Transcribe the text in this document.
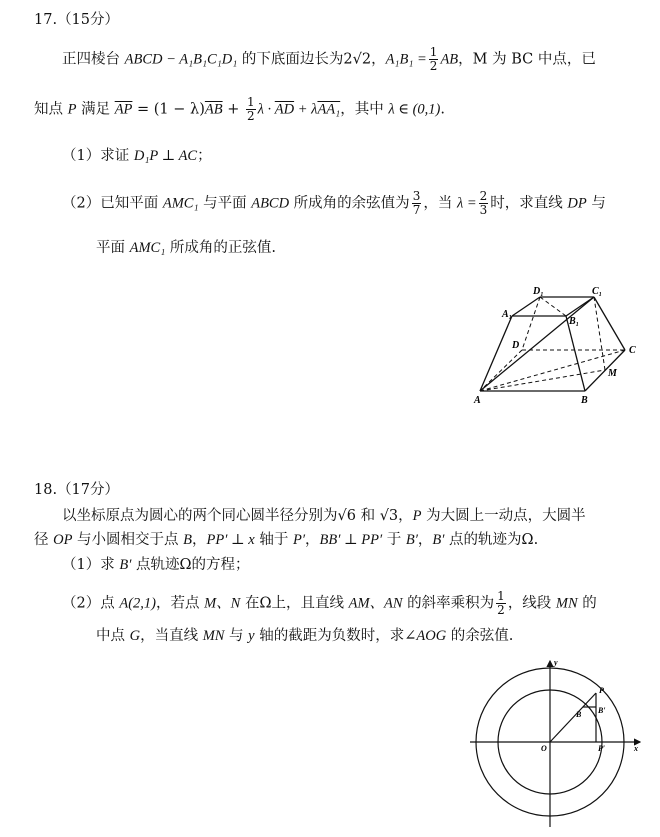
17.（15分）
正四棱台 ABCD − A₁B₁C₁D₁ 的下底面边长为2√2，$A_1B_1 = \frac{1}{2}$ AB，M 为 BC 中点，已
知点 P 满足 $\overline{AP} = (1 - \lambda)\overline{AB} + \frac{1}{2}$ $\lambda \cdot \overline{AD} + \lambda AA_1$，其中 λ ∈ (0,1).
（1）求证 D₁P ⊥ AC；
（2）已知平面 AMC₁ 与平面 ABCD 所成角的余弦值为 $\frac{3}{7}$ ，当 $\lambda = \frac{2}{3}$ 时，求直线 DP 与
平面 AMC₁ 所成角的正弦值.
D₁	C₁
A₁
B₁
D	C
M
A	B
18.（17分）
以坐标原点为圆心的两个同心圆半径分别为√6 和 √3，P 为大圆上一动点，大圆半
径 OP 与小圆相交于点 B，PP′ ⊥ x 轴于 P′，BB′ ⊥ PP′ 于 B′，B′ 点的轨迹为Ω.
（1）求 B′ 点轨迹Ω的方程；
（2）点 A(2,1)，若点 M、N 在Ω上，且直线 AM、AN 的斜率乘积为 $\frac{1}{2}$ ，线段 MN 的
中点 G，当直线 MN 与 y 轴的截距为负数时，求∠AOG 的余弦值.
y
P
B B′
O	P′	x
